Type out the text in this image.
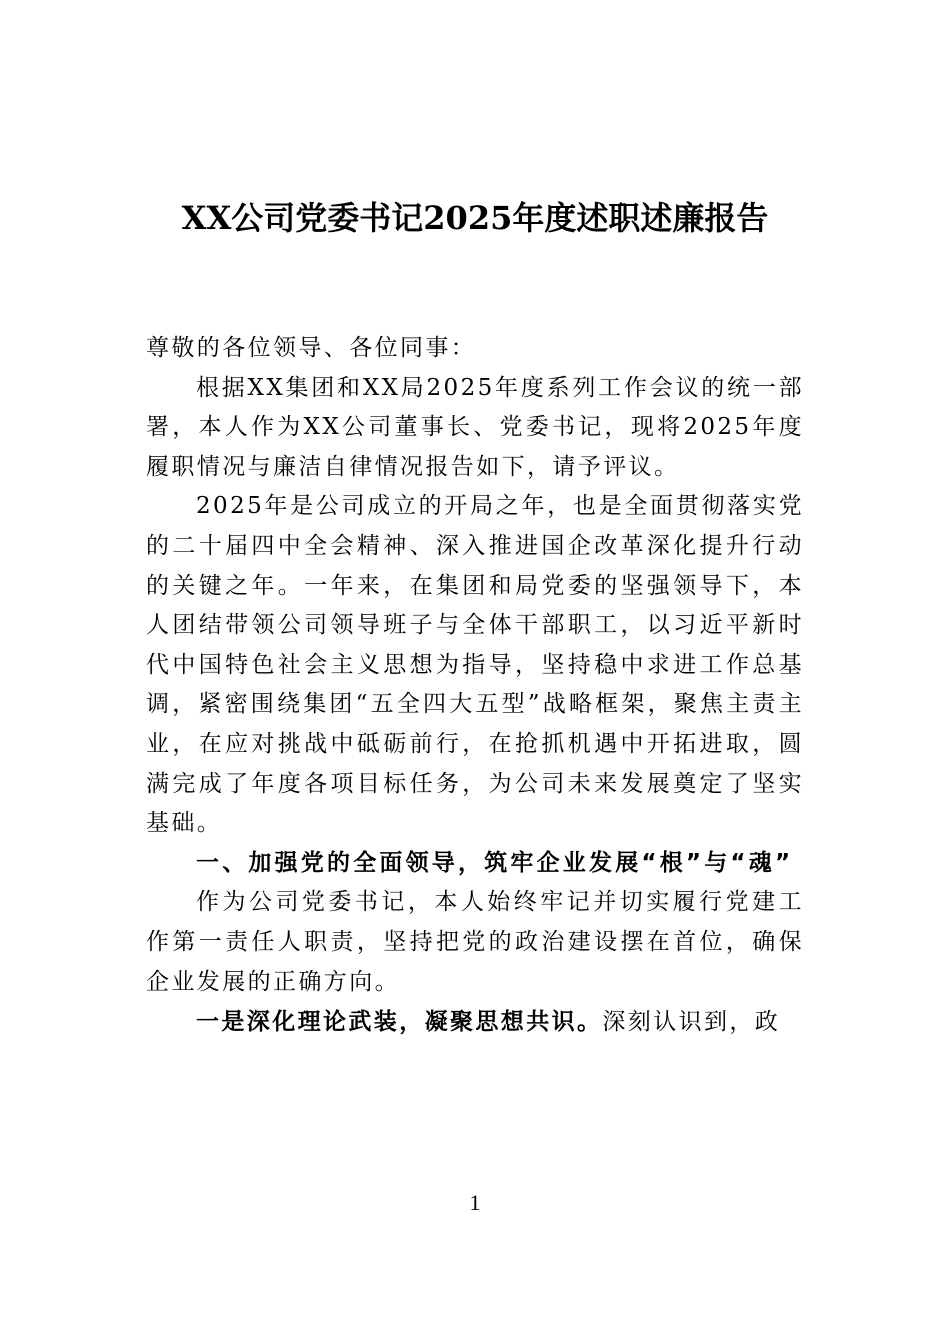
XX公司党委书记2025年度述职述廉报告

尊敬的各位领导、各位同事：

根据XX集团和XX局2025年度系列工作会议的统一部署，本人作为XX公司董事长、党委书记，现将2025年度履职情况与廉洁自律情况报告如下，请予评议。

2025年是公司成立的开局之年，也是全面贯彻落实党的二十届四中全会精神、深入推进国企改革深化提升行动的关键之年。一年来，在集团和局党委的坚强领导下，本人团结带领公司领导班子与全体干部职工，以习近平新时代中国特色社会主义思想为指导，坚持稳中求进工作总基调，紧密围绕集团“五全四大五型”战略框架，聚焦主责主业，在应对挑战中砥砺前行，在抢抓机遇中开拓进取，圆满完成了年度各项目标任务，为公司未来发展奠定了坚实基础。

一、加强党的全面领导，筑牢企业发展“根”与“魂”

作为公司党委书记，本人始终牢记并切实履行党建工作第一责任人职责，坚持把党的政治建设摆在首位，确保企业发展的正确方向。

一是深化理论武装，凝聚思想共识。深刻认识到，政

1
